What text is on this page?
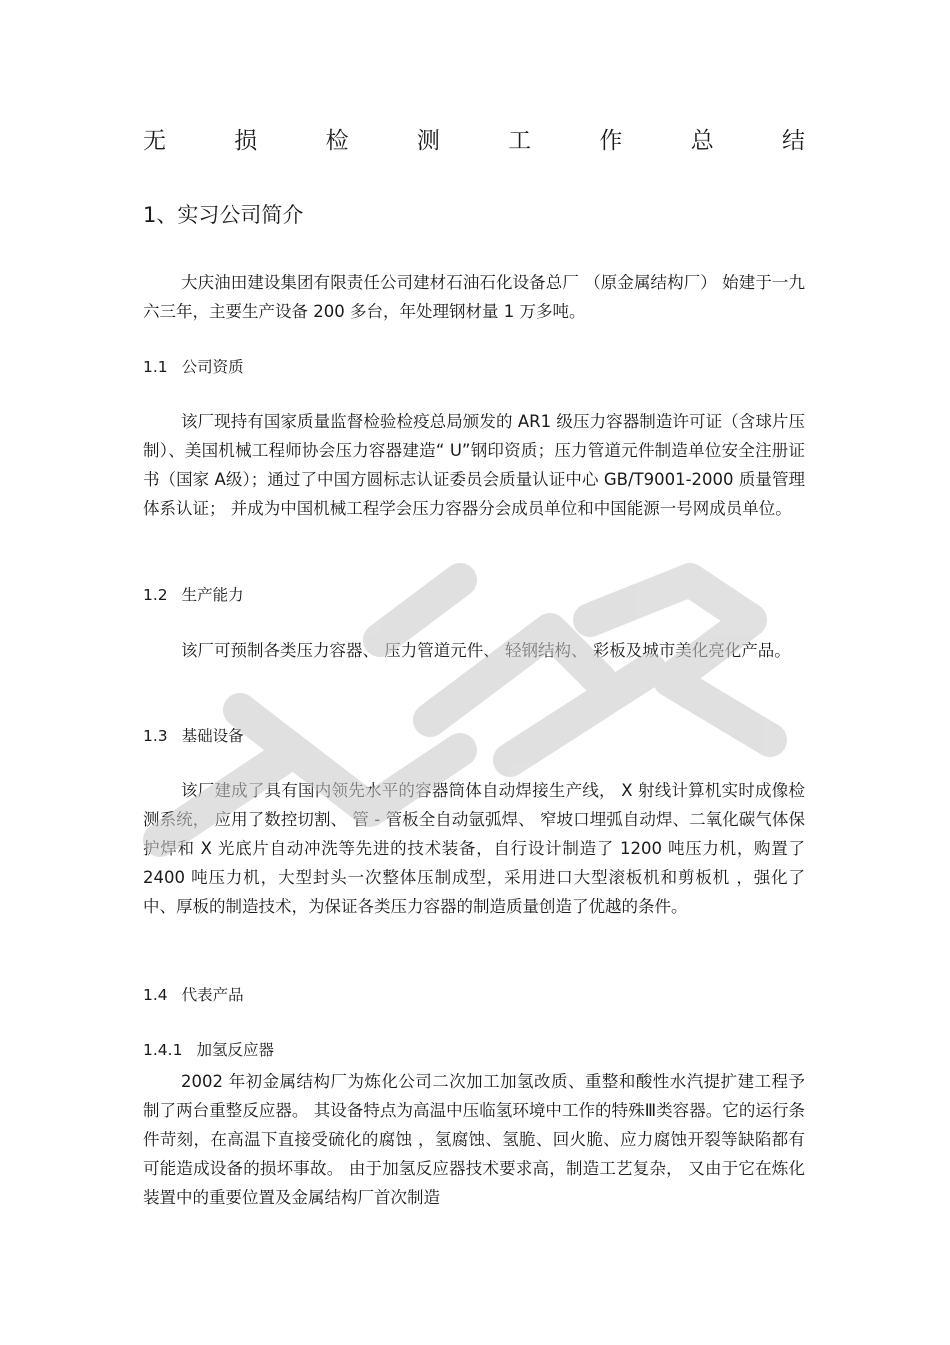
无	损	检	测	工	作	总	结
1、实习公司简介

大庆油田建设集团有限责任公司建材石油石化设备总厂 （原金属结构厂） 始建于一九六三年，主要生产设备 200 多台，年处理钢材量 1 万多吨。

1.1 公司资质

该厂现持有国家质量监督检验检疫总局颁发的 AR1 级压力容器制造许可证（含球片压制）、美国机械工程师协会压力容器建造“ U”钢印资质；压力管道元件制造单位安全注册证书（国家 A级）；通过了中国方圆标志认证委员会质量认证中心 GB/T9001-2000 质量管理体系认证； 并成为中国机械工程学会压力容器分会成员单位和中国能源一号网成员单位。

1.2 生产能力

该厂可预制各类压力容器、 压力管道元件、 轻钢结构、 彩板及城市美化亮化产品。

1.3 基础设备

该厂建成了具有国内领先水平的容器筒体自动焊接生产线， X 射线计算机实时成像检测系统， 应用了数控切割、 管 - 管板全自动氩弧焊、 窄坡口埋弧自动焊、二氧化碳气体保护焊和 X 光底片自动冲洗等先进的技术装备，自行设计制造了 1200 吨压力机，购置了 2400 吨压力机，大型封头一次整体压制成型，采用进口大型滚板机和剪板机 ，强化了中、厚板的制造技术，为保证各类压力容器的制造质量创造了优越的条件。

1.4 代表产品
1.4.1 加氢反应器

2002 年初金属结构厂为炼化公司二次加工加氢改质、重整和酸性水汽提扩建工程予制了两台重整反应器。 其设备特点为高温中压临氢环境中工作的特殊Ⅲ类容器。它的运行条件苛刻，在高温下直接受硫化的腐蚀 ，氢腐蚀、氢脆、回火脆、应力腐蚀开裂等缺陷都有可能造成设备的损坏事故。 由于加氢反应器技术要求高，制造工艺复杂， 又由于它在炼化装置中的重要位置及金属结构厂首次制造
